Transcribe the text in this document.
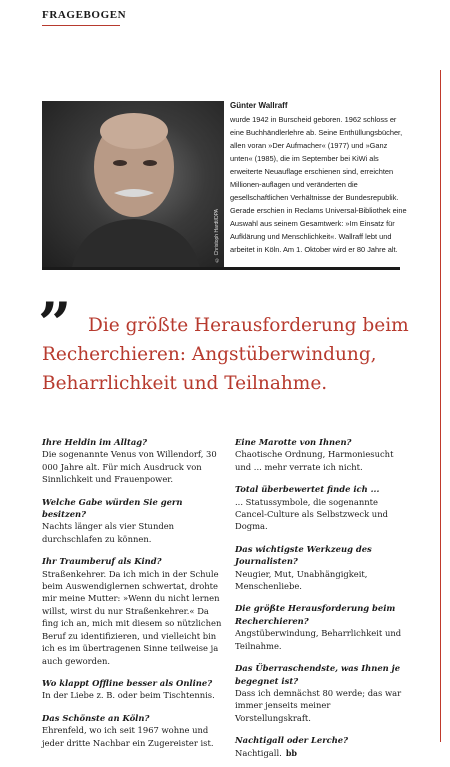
FRAGEBOGEN
© Christoph Hardt/DPA
Günter Wallraff
wurde 1942 in Burscheid geboren. 1962 schloss er eine Buchhändlerlehre ab. Seine Enthüllungsbücher, allen voran »Der Aufmacher« (1977) und »Ganz unten« (1985), die im September bei KiWi als erweiterte Neuauflage erschienen sind, erreichten Millionen-auflagen und veränderten die gesellschaftlichen Verhältnisse der Bundesrepublik. Gerade erschien in Reclams Universal-Bibliothek eine Auswahl aus seinem Gesamtwerk: »Im Einsatz für Aufklärung und Menschlichkeit«. Wallraff lebt und arbeitet in Köln. Am 1. Oktober wird er 80 Jahre alt.
” Die größte Herausforderung beim Recherchieren: Angstüberwindung, Beharrlichkeit und Teilnahme.
Ihre Heldin im Alltag?
Die sogenannte Venus von Willendorf, 30 000 Jahre alt. Für mich Ausdruck von Sinnlichkeit und Frauenpower.
Welche Gabe würden Sie gern besitzen?
Nachts länger als vier Stunden durchschlafen zu können.
Ihr Traumberuf als Kind?
Straßenkehrer. Da ich mich in der Schule beim Auswendiglernen schwertat, drohte mir meine Mutter: »Wenn du nicht lernen willst, wirst du nur Straßenkehrer.« Da fing ich an, mich mit diesem so nützlichen Beruf zu identifizieren, und vielleicht bin ich es im übertragenen Sinne teilweise ja auch geworden.
Wo klappt Offline besser als Online?
In der Liebe z. B. oder beim Tischtennis.
Das Schönste an Köln?
Ehrenfeld, wo ich seit 1967 wohne und jeder dritte Nachbar ein Zugereister ist.
Eine Marotte von Ihnen?
Chaotische Ordnung, Harmoniesucht und ... mehr verrate ich nicht.
Total überbewertet finde ich ...
... Statussymbole, die sogenannte Cancel-Culture als Selbstzweck und Dogma.
Das wichtigste Werkzeug des Journalisten?
Neugier, Mut, Unabhängigkeit, Menschenliebe.
Die größte Herausforderung beim Recherchieren?
Angstüberwindung, Beharrlichkeit und Teilnahme.
Das Überraschendste, was Ihnen je begegnet ist?
Dass ich demnächst 80 werde; das war immer jenseits meiner Vorstellungskraft.
Nachtigall oder Lerche?
Nachtigall. bb
